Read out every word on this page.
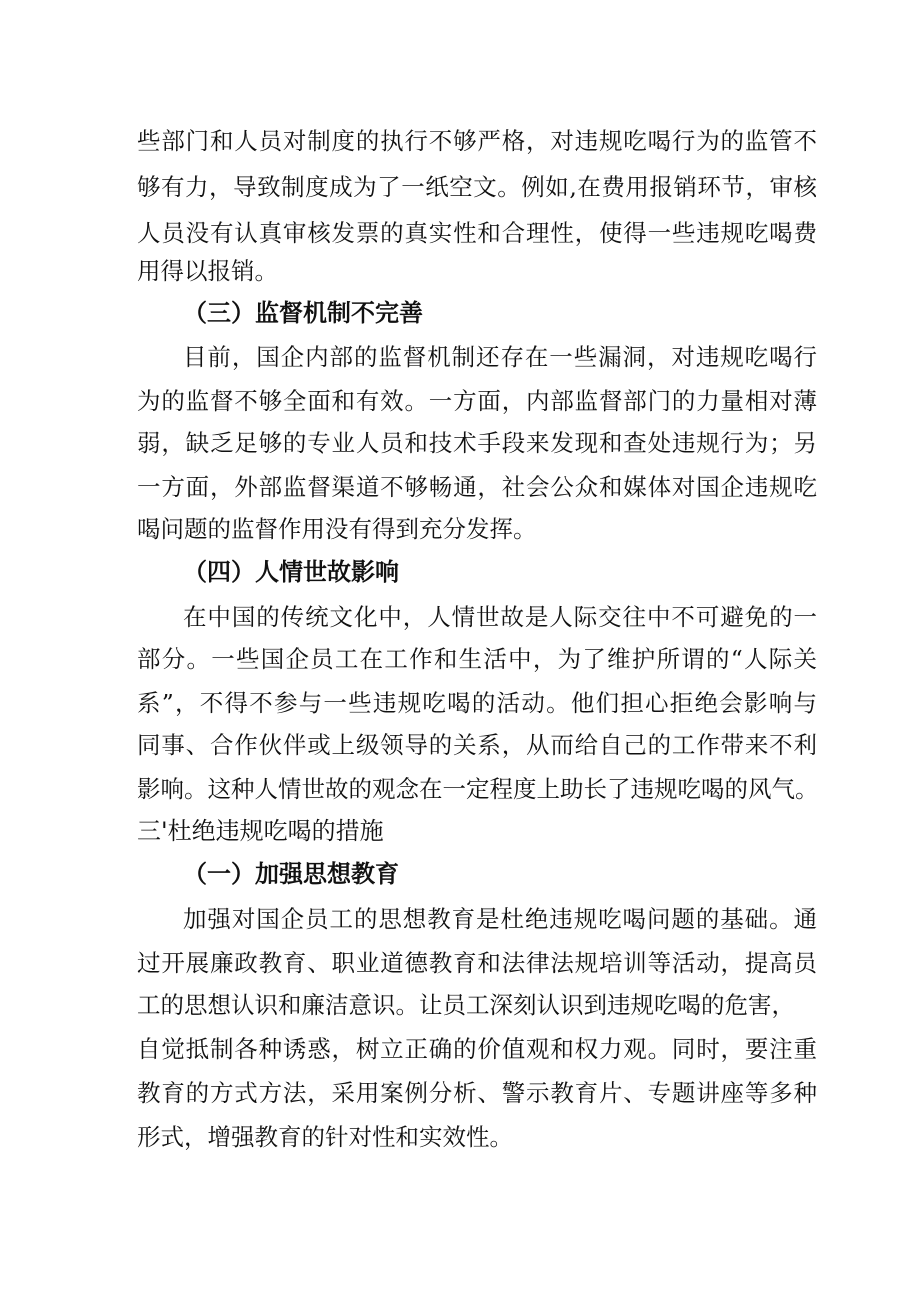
些部门和人员对制度的执行不够严格，对违规吃喝行为的监管不
够有力，导致制度成为了一纸空文。例如,在费用报销环节，审核
人员没有认真审核发票的真实性和合理性，使得一些违规吃喝费
用得以报销。
（三）监督机制不完善
目前，国企内部的监督机制还存在一些漏洞，对违规吃喝行
为的监督不够全面和有效。一方面，内部监督部门的力量相对薄
弱，缺乏足够的专业人员和技术手段来发现和查处违规行为；另
一方面，外部监督渠道不够畅通，社会公众和媒体对国企违规吃
喝问题的监督作用没有得到充分发挥。
（四）人情世故影响
在中国的传统文化中，人情世故是人际交往中不可避免的一
部分。一些国企员工在工作和生活中，为了维护所谓的“人际关
系”，不得不参与一些违规吃喝的活动。他们担心拒绝会影响与
同事、合作伙伴或上级领导的关系，从而给自己的工作带来不利
影响。这种人情世故的观念在一定程度上助长了违规吃喝的风气。
三'杜绝违规吃喝的措施
（一）加强思想教育
加强对国企员工的思想教育是杜绝违规吃喝问题的基础。通
过开展廉政教育、职业道德教育和法律法规培训等活动，提高员
工的思想认识和廉洁意识。让员工深刻认识到违规吃喝的危害，
自觉抵制各种诱惑，树立正确的价值观和权力观。同时，要注重
教育的方式方法，采用案例分析、警示教育片、专题讲座等多种
形式，增强教育的针对性和实效性。
